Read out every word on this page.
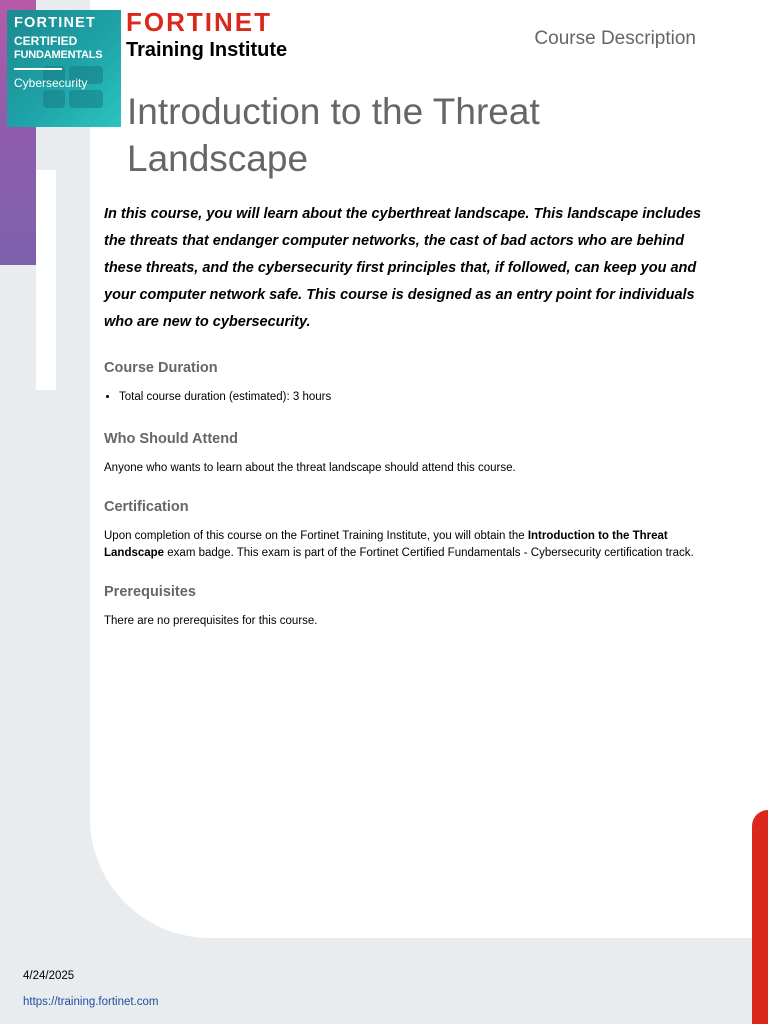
FORTINET
CERTIFIED
FUNDAMENTALS
Cybersecurity
FORTINET
Training Institute
Course Description
Introduction to the Threat Landscape

In this course, you will learn about the cyberthreat landscape. This landscape includes the threats that endanger computer networks, the cast of bad actors who are behind these threats, and the cybersecurity first principles that, if followed, can keep you and your computer network safe. This course is designed as an entry point for individuals who are new to cybersecurity.

Course Duration
• Total course duration (estimated): 3 hours
Who Should Attend

Anyone who wants to learn about the threat landscape should attend this course.

Certification

Upon completion of this course on the Fortinet Training Institute, you will obtain the Introduction to the Threat Landscape exam badge. This exam is part of the Fortinet Certified Fundamentals - Cybersecurity certification track.

Prerequisites

There are no prerequisites for this course.

4/24/2025
https://training.fortinet.com
